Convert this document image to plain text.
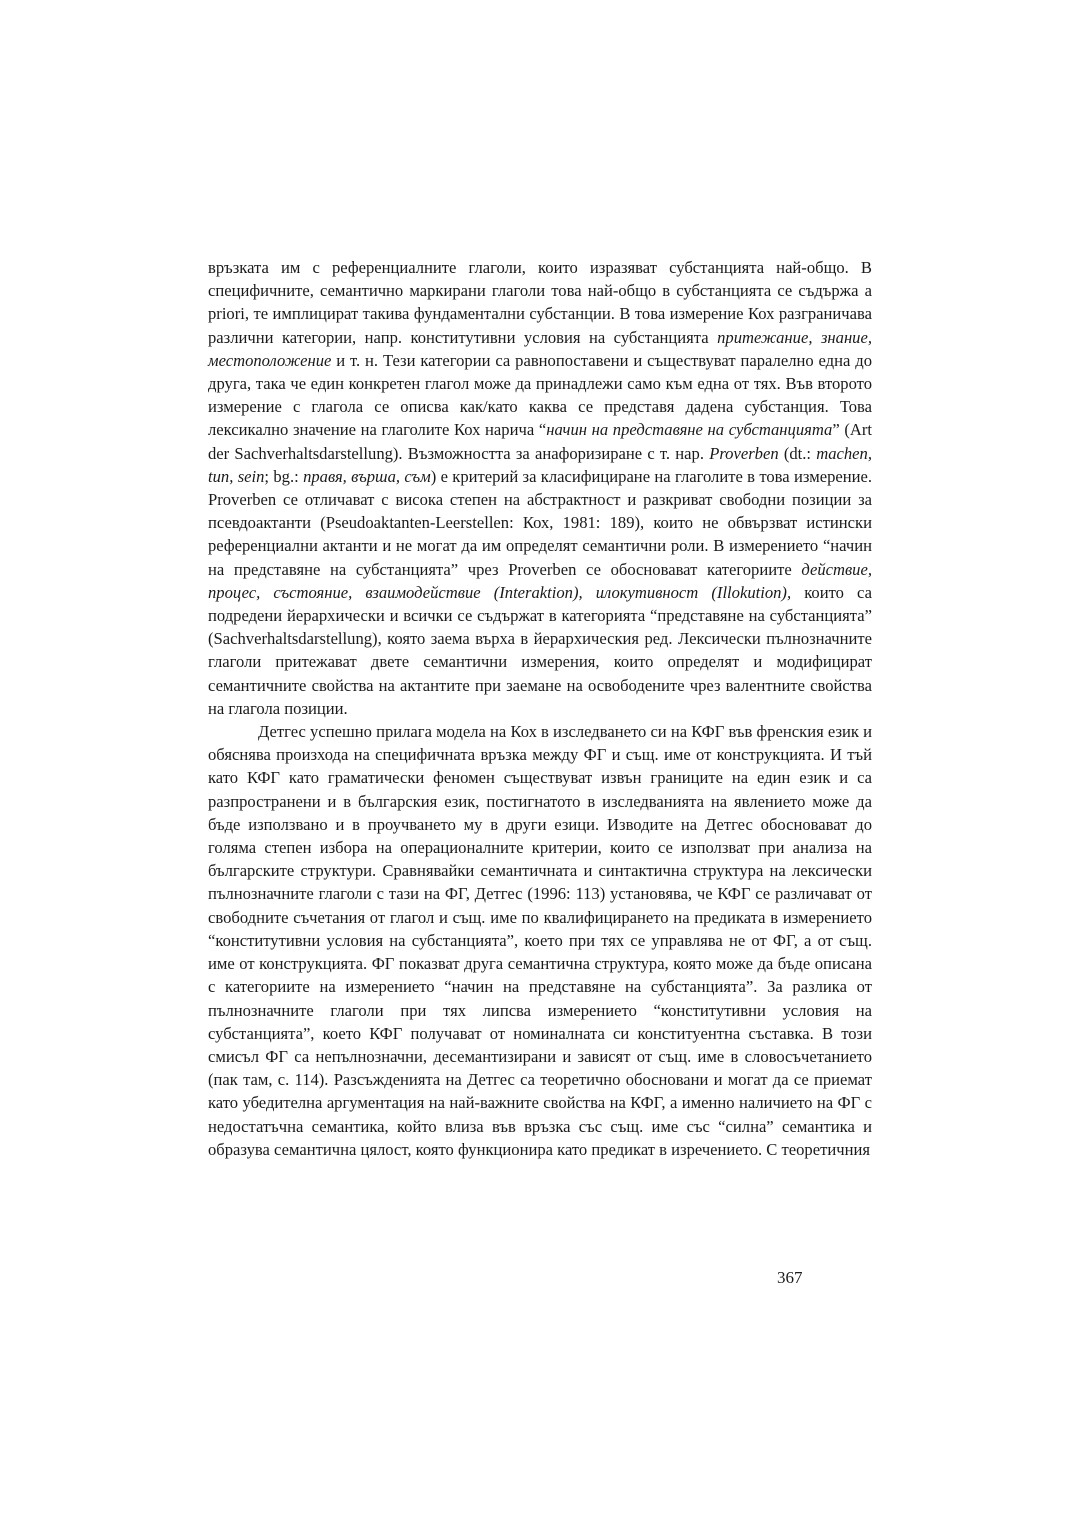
връзката им с референциалните глаголи, които изразяват субстанцията най-общо. В специфичните, семантично маркирани глаголи това най-общо в субстанцията се съдържа a priori, те имплицират такива фундаментални субстанции. В това измерение Кох разграничава различни категории, напр. конститутивни условия на субстанцията притежание, знание, местоположение и т. н. Тези категории са равнопоставени и съществуват паралелно една до друга, така че един конкретен глагол може да принадлежи само към една от тях. Във второто измерение с глагола се описва как/като каква се представя дадена субстанция. Това лексикално значение на глаголите Кох нарича “начин на представяне на субстанцията” (Art der Sachverhaltsdarstellung). Възможността за анафоризиране с т. нар. Proverben (dt.: machen, tun, sein; bg.: правя, върша, съм) е критерий за класифициране на глаголите в това измерение. Proverben се отличават с висока степен на абстрактност и разкриват свободни позиции за псевдоактанти (Pseudoaktanten-Leerstellen: Кох, 1981: 189), които не обвързват истински референциални актанти и не могат да им определят семантични роли. В измерението “начин на представяне на субстанцията” чрез Proverben се обосновават категориите действие, процес, състояние, взаимодействие (Interaktion), илокутивност (Illokution), които са подредени йерархически и всички се съдържат в категорията “представяне на субстанцията” (Sachverhaltsdarstellung), която заема върха в йерархическия ред. Лексически пълнозначните глаголи притежават двете семантични измерения, които определят и модифицират семантичните свойства на актантите при заемане на освободените чрез валентните свойства на глагола позиции.

Детгес успешно прилага модела на Кох в изследването си на КФГ във френския език и обяснява произхода на специфичната връзка между ФГ и същ. име от конструкцията. И тъй като КФГ като граматически феномен съществуват извън границите на един език и са разпространени и в българския език, постигнатото в изследванията на явлението може да бъде използвано и в проучването му в други езици. Изводите на Детгес обосновават до голяма степен избора на операционалните критерии, които се използват при анализа на българските структури. Сравнявайки семантичната и синтактична структура на лексически пълнозначните глаголи с тази на ФГ, Детгес (1996: 113) установява, че КФГ се различават от свободните съчетания от глагол и същ. име по квалифицирането на предиката в измерението “конститутивни условия на субстанцията”, което при тях се управлява не от ФГ, а от същ. име от конструкцията. ФГ показват друга семантична структура, която може да бъде описана с категориите на измерението “начин на представяне на субстанцията”. За разлика от пълнозначните глаголи при тях липсва измерението “конститутивни условия на субстанцията”, което КФГ получават от номиналната си конституентна съставка. В този смисъл ФГ са непълнозначни, десемантизирани и зависят от същ. име в словосъчетанието (пак там, с. 114). Разсъжденията на Детгес са теоретично обосновани и могат да се приемат като убедителна аргументация на най-важните свойства на КФГ, а именно наличието на ФГ с недостатъчна семантика, който влиза във връзка със същ. име със “силна” семантика и образува семантична цялост, която функционира като предикат в изречението. С теоретичния

367
